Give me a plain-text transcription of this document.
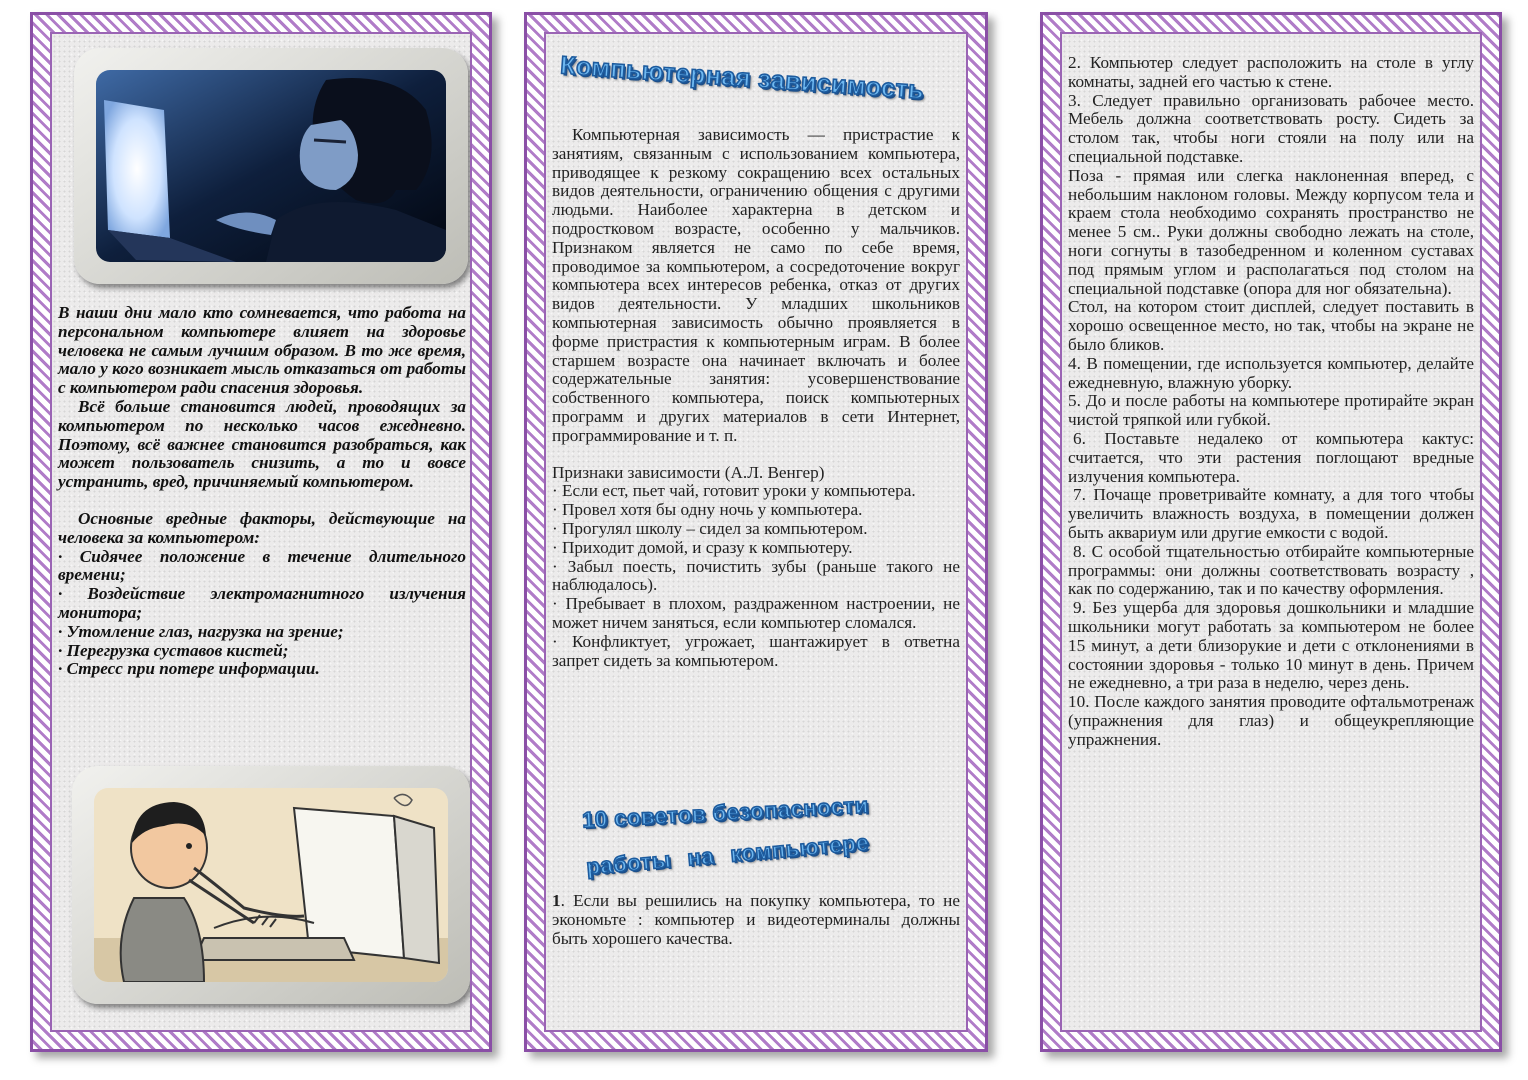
В наши дни мало кто сомневается, что работа на персональном компьютере влияет на здоровье человека не самым лучшим образом. В то же время, мало у кого возникает мысль отказаться от работы с компьютером ради спасения здоровья.

Всё больше становится людей, проводящих за компьютером по несколько часов ежедневно. Поэтому, всё важнее становится разобраться, как может пользователь снизить, а то и вовсе устранить, вред, причиняемый компьютером.

Основные вредные факторы, действующие на человека за компьютером:

· Сидячее положение в течение длительного времени;

· Воздействие электромагнитного излучения монитора;

· Утомление глаз, нагрузка на зрение;

· Перегрузка суставов кистей;

· Стресс при потере информации.

Компьютерная зависимость

Компьютерная зависимость — пристрастие к занятиям, связанным с использованием компьютера, приводящее к резкому сокращению всех остальных видов деятельности, ограничению общения с другими людьми. Наиболее характерна в детском и подростковом возрасте, особенно у мальчиков. Признаком является не само по себе время, проводимое за компьютером, а сосредоточение вокруг компьютера всех интересов ребенка, отказ от других видов деятельности. У младших школьников компьютерная зависимость обычно проявляется в форме пристрастия к компьютерным играм. В более старшем возрасте она начинает включать и более содержательные занятия: усовершенствование собственного компьютера, поиск компьютерных программ и других материалов в сети Интернет, программирование и т. п.

Признаки зависимости (А.Л. Венгер)

· Если ест, пьет чай, готовит уроки у компьютера.

· Провел хотя бы одну ночь у компьютера.

· Прогулял школу – сидел за компьютером.

· Приходит домой, и сразу к компьютеру.

· Забыл поесть, почистить зубы (раньше такого не наблюдалось).

· Пребывает в плохом, раздраженном настроении, не может ничем заняться, если компьютер сломался.

· Конфликтует, угрожает, шантажирует в ответна запрет сидеть за компьютером.

10 советов безопасности
работы на компьютере

1. Если вы решились на покупку компьютера, то не экономьте : компьютер и видеотерминалы должны быть хорошего качества.

2. Компьютер следует расположить на столе в углу комнаты, задней его частью к стене.

3. Следует правильно организовать рабочее место. Мебель должна соответствовать росту. Сидеть за столом так, чтобы ноги стояли на полу или на специальной подставке.

Поза - прямая или слегка наклоненная вперед, с небольшим наклоном головы. Между корпусом тела и краем стола необходимо сохранять пространство не менее 5 см.. Руки должны свободно лежать на столе, ноги согнуты в тазобедренном и коленном суставах под прямым углом и располагаться под столом на специальной подставке (опора для ног обязательна).

Стол, на котором стоит дисплей, следует поставить в хорошо освещенное место, но так, чтобы на экране не было бликов.

4. В помещении, где используется компьютер, делайте ежедневную, влажную уборку.

5. До и после работы на компьютере протирайте экран чистой тряпкой или губкой.

6. Поставьте недалеко от компьютера кактус: считается, что эти растения поглощают вредные излучения компьютера.

7. Почаще проветривайте комнату, а для того чтобы увеличить влажность воздуха, в помещении должен быть аквариум или другие емкости с водой.

8. С особой тщательностью отбирайте компьютерные программы: они должны соответствовать возрасту , как по содержанию, так и по качеству оформления.

9. Без ущерба для здоровья дошкольники и младшие школьники могут работать за компьютером не более 15 минут, а дети близорукие и дети с отклонениями в состоянии здоровья - только 10 минут в день. Причем не ежедневно, а три раза в неделю, через день.

10. После каждого занятия проводите офтальмотренаж (упражнения для глаз) и общеукрепляющие упражнения.
